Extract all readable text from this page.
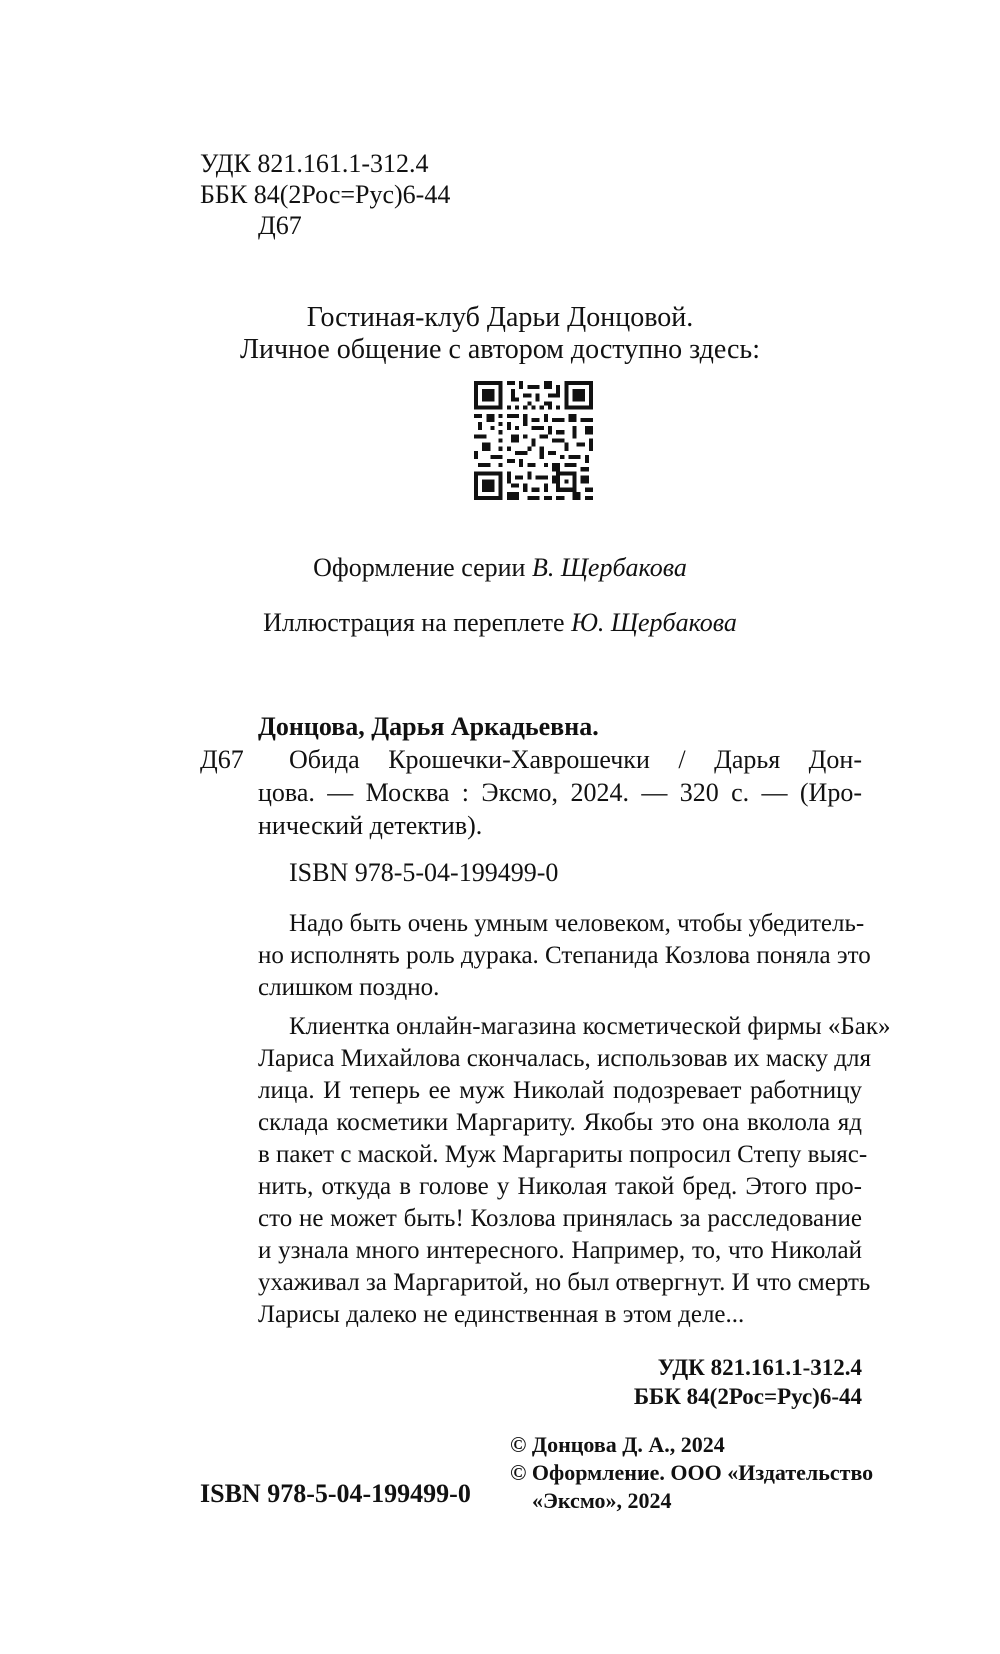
УДК 821.161.1-312.4
ББК 84(2Рос=Рус)6-44
Д67
Гостиная-клуб Дарьи Донцовой.
Личное общение с автором доступно здесь:
Оформление серии В. Щербакова
Иллюстрация на переплете Ю. Щербакова
Донцова, Дарья Аркадьевна.
Д67 Обида Крошечки-Хаврошечки / Дарья Дон-
цова. — Москва : Эксмо, 2024. — 320 с. — (Иро-
нический детектив).
ISBN 978-5-04-199499-0
Надо быть очень умным человеком, чтобы убедитель-
но исполнять роль дурака. Степанида Козлова поняла это
слишком поздно.
Клиентка онлайн-магазина косметической фирмы «Бак»
Лариса Михайлова скончалась, использовав их маску для
лица. И теперь ее муж Николай подозревает работницу
склада косметики Маргариту. Якобы это она вколола яд
в пакет с маской. Муж Маргариты попросил Степу выяс-
нить, откуда в голове у Николая такой бред. Этого про-
сто не может быть! Козлова принялась за расследование
и узнала много интересного. Например, то, что Николай
ухаживал за Маргаритой, но был отвергнут. И что смерть
Ларисы далеко не единственная в этом деле...
УДК 821.161.1-312.4
ББК 84(2Рос=Рус)6-44
ISBN 978-5-04-199499-0
© Донцова Д. А., 2024
© Оформление. ООО «Издательство
«Эксмо», 2024
